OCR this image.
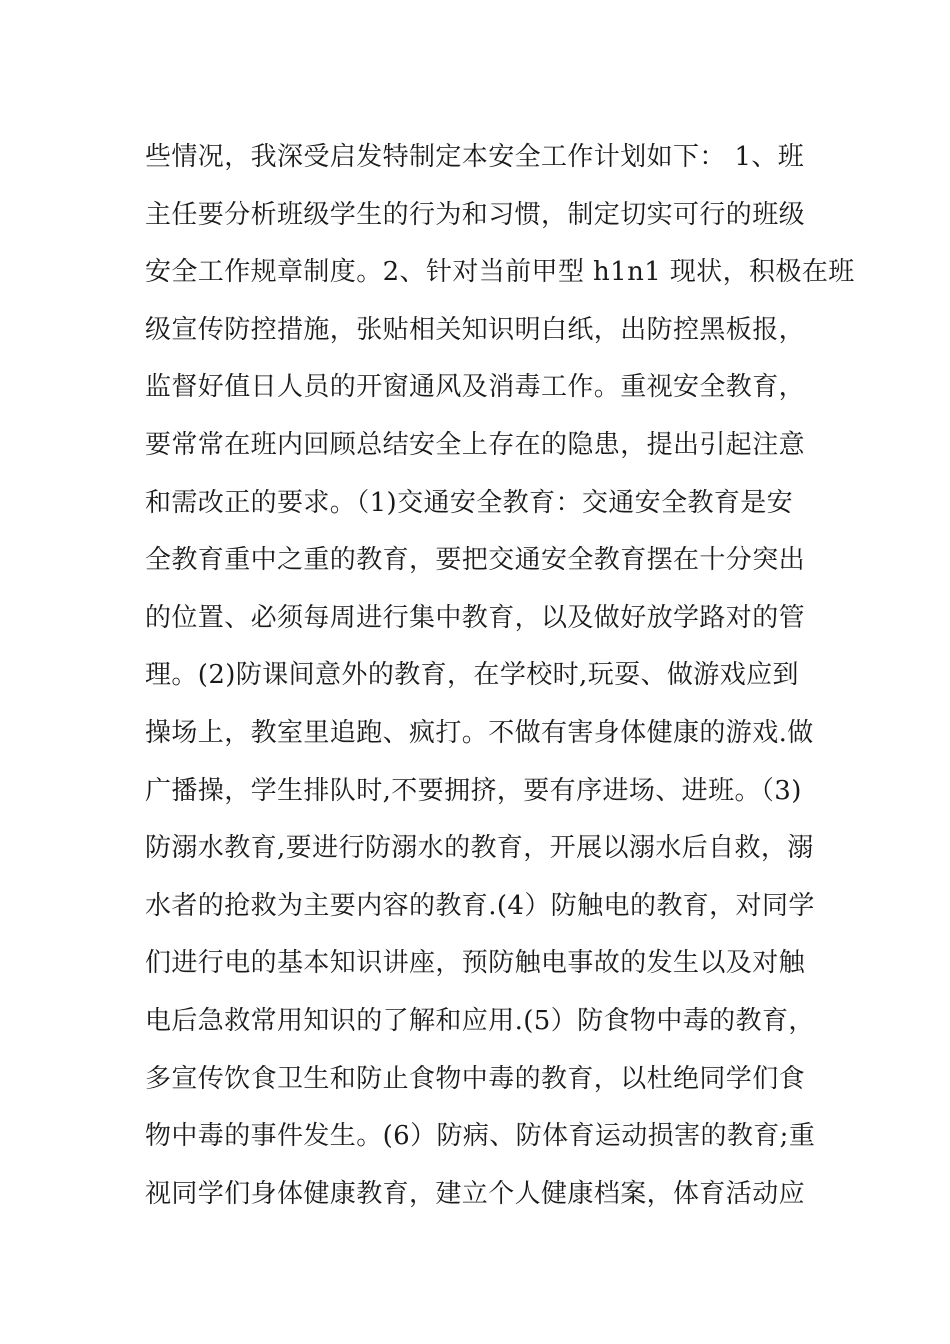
些情况，我深受启发特制定本安全工作计划如下： 1、班
主任要分析班级学生的行为和习惯，制定切实可行的班级
安全工作规章制度。2、针对当前甲型 h1n1 现状，积极在班
级宣传防控措施，张贴相关知识明白纸，出防控黑板报，
监督好值日人员的开窗通风及消毒工作。重视安全教育，
要常常在班内回顾总结安全上存在的隐患，提出引起注意
和需改正的要求。（1)交通安全教育：交通安全教育是安
全教育重中之重的教育，要把交通安全教育摆在十分突出
的位置、必须每周进行集中教育，以及做好放学路对的管
理。(2)防课间意外的教育，在学校时,玩耍、做游戏应到
操场上，教室里追跑、疯打。不做有害身体健康的游戏.做
广播操，学生排队时,不要拥挤，要有序进场、进班。（3)
防溺水教育,要进行防溺水的教育，开展以溺水后自救，溺
水者的抢救为主要内容的教育.(4）防触电的教育，对同学
们进行电的基本知识讲座，预防触电事故的发生以及对触
电后急救常用知识的了解和应用.(5）防食物中毒的教育，
多宣传饮食卫生和防止食物中毒的教育，以杜绝同学们食
物中毒的事件发生。(6）防病、防体育运动损害的教育;重
视同学们身体健康教育，建立个人健康档案，体育活动应
